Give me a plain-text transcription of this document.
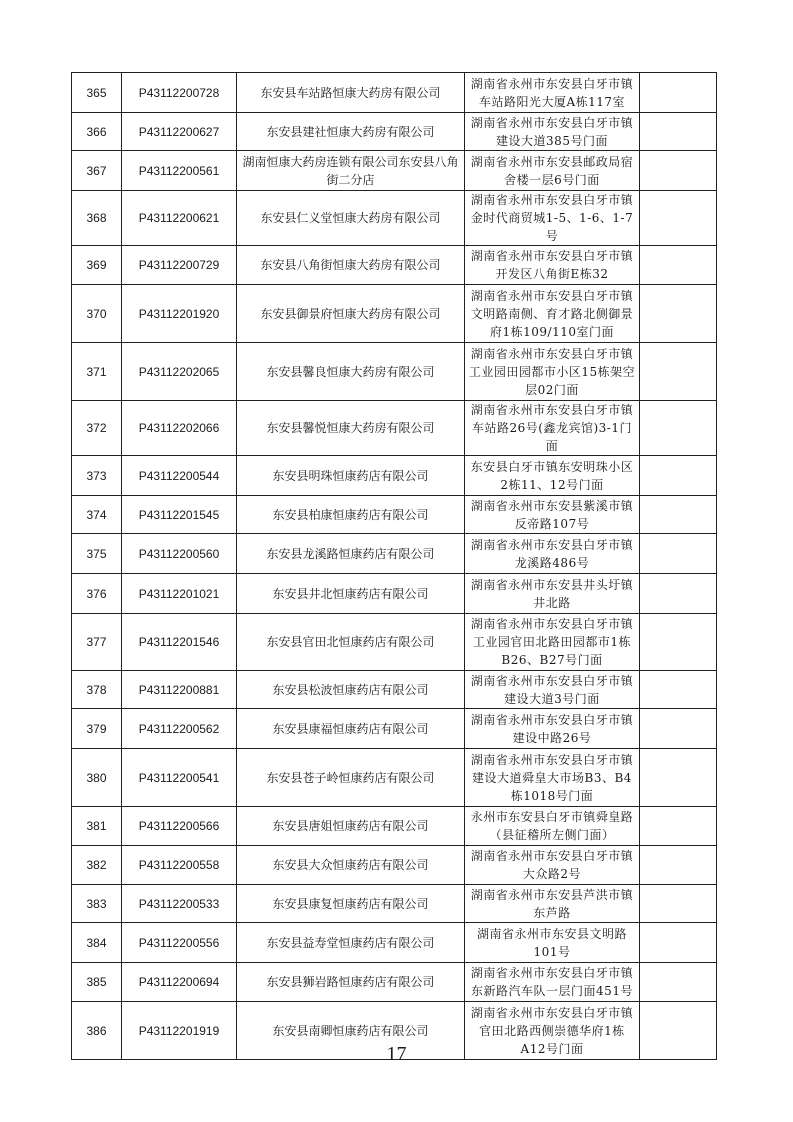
365	P43112200728	东安县车站路恒康大药房有限公司	湖南省永州市东安县白牙市镇车站路阳光大厦A栋117室	
366	P43112200627	东安县建社恒康大药房有限公司	湖南省永州市东安县白牙市镇建设大道385号门面	
367	P43112200561	湖南恒康大药房连锁有限公司东安县八角街二分店	湖南省永州市东安县邮政局宿舍楼一层6号门面	
368	P43112200621	东安县仁义堂恒康大药房有限公司	湖南省永州市东安县白牙市镇金时代商贸城1-5、1-6、1-7号	
369	P43112200729	东安县八角街恒康大药房有限公司	湖南省永州市东安县白牙市镇开发区八角街E栋32	
370	P43112201920	东安县御景府恒康大药房有限公司	湖南省永州市东安县白牙市镇文明路南侧、育才路北侧御景府1栋109/110室门面	
371	P43112202065	东安县馨良恒康大药房有限公司	湖南省永州市东安县白牙市镇工业园田园都市小区15栋架空层02门面	
372	P43112202066	东安县馨悦恒康大药房有限公司	湖南省永州市东安县白牙市镇车站路26号(鑫龙宾馆)3-1门面	
373	P43112200544	东安县明珠恒康药店有限公司	东安县白牙市镇东安明珠小区2栋11、12号门面	
374	P43112201545	东安县柏康恒康药店有限公司	湖南省永州市东安县紫溪市镇反帝路107号	
375	P43112200560	东安县龙溪路恒康药店有限公司	湖南省永州市东安县白牙市镇龙溪路486号	
376	P43112201021	东安县井北恒康药店有限公司	湖南省永州市东安县井头圩镇井北路	
377	P43112201546	东安县官田北恒康药店有限公司	湖南省永州市东安县白牙市镇工业园官田北路田园都市1栋B26、B27号门面	
378	P43112200881	东安县松波恒康药店有限公司	湖南省永州市东安县白牙市镇建设大道3号门面	
379	P43112200562	东安县康福恒康药店有限公司	湖南省永州市东安县白牙市镇建设中路26号	
380	P43112200541	东安县苍子岭恒康药店有限公司	湖南省永州市东安县白牙市镇建设大道舜皇大市场B3、B4栋1018号门面	
381	P43112200566	东安县唐姐恒康药店有限公司	永州市东安县白牙市镇舜皇路（县征稽所左侧门面）	
382	P43112200558	东安县大众恒康药店有限公司	湖南省永州市东安县白牙市镇大众路2号	
383	P43112200533	东安县康复恒康药店有限公司	湖南省永州市东安县芦洪市镇东芦路	
384	P43112200556	东安县益寿堂恒康药店有限公司	湖南省永州市东安县文明路101号	
385	P43112200694	东安县狮岩路恒康药店有限公司	湖南省永州市东安县白牙市镇东新路汽车队一层门面451号	
386	P43112201919	东安县南卿恒康药店有限公司	湖南省永州市东安县白牙市镇官田北路西侧崇德华府1栋A12号门面	
17
